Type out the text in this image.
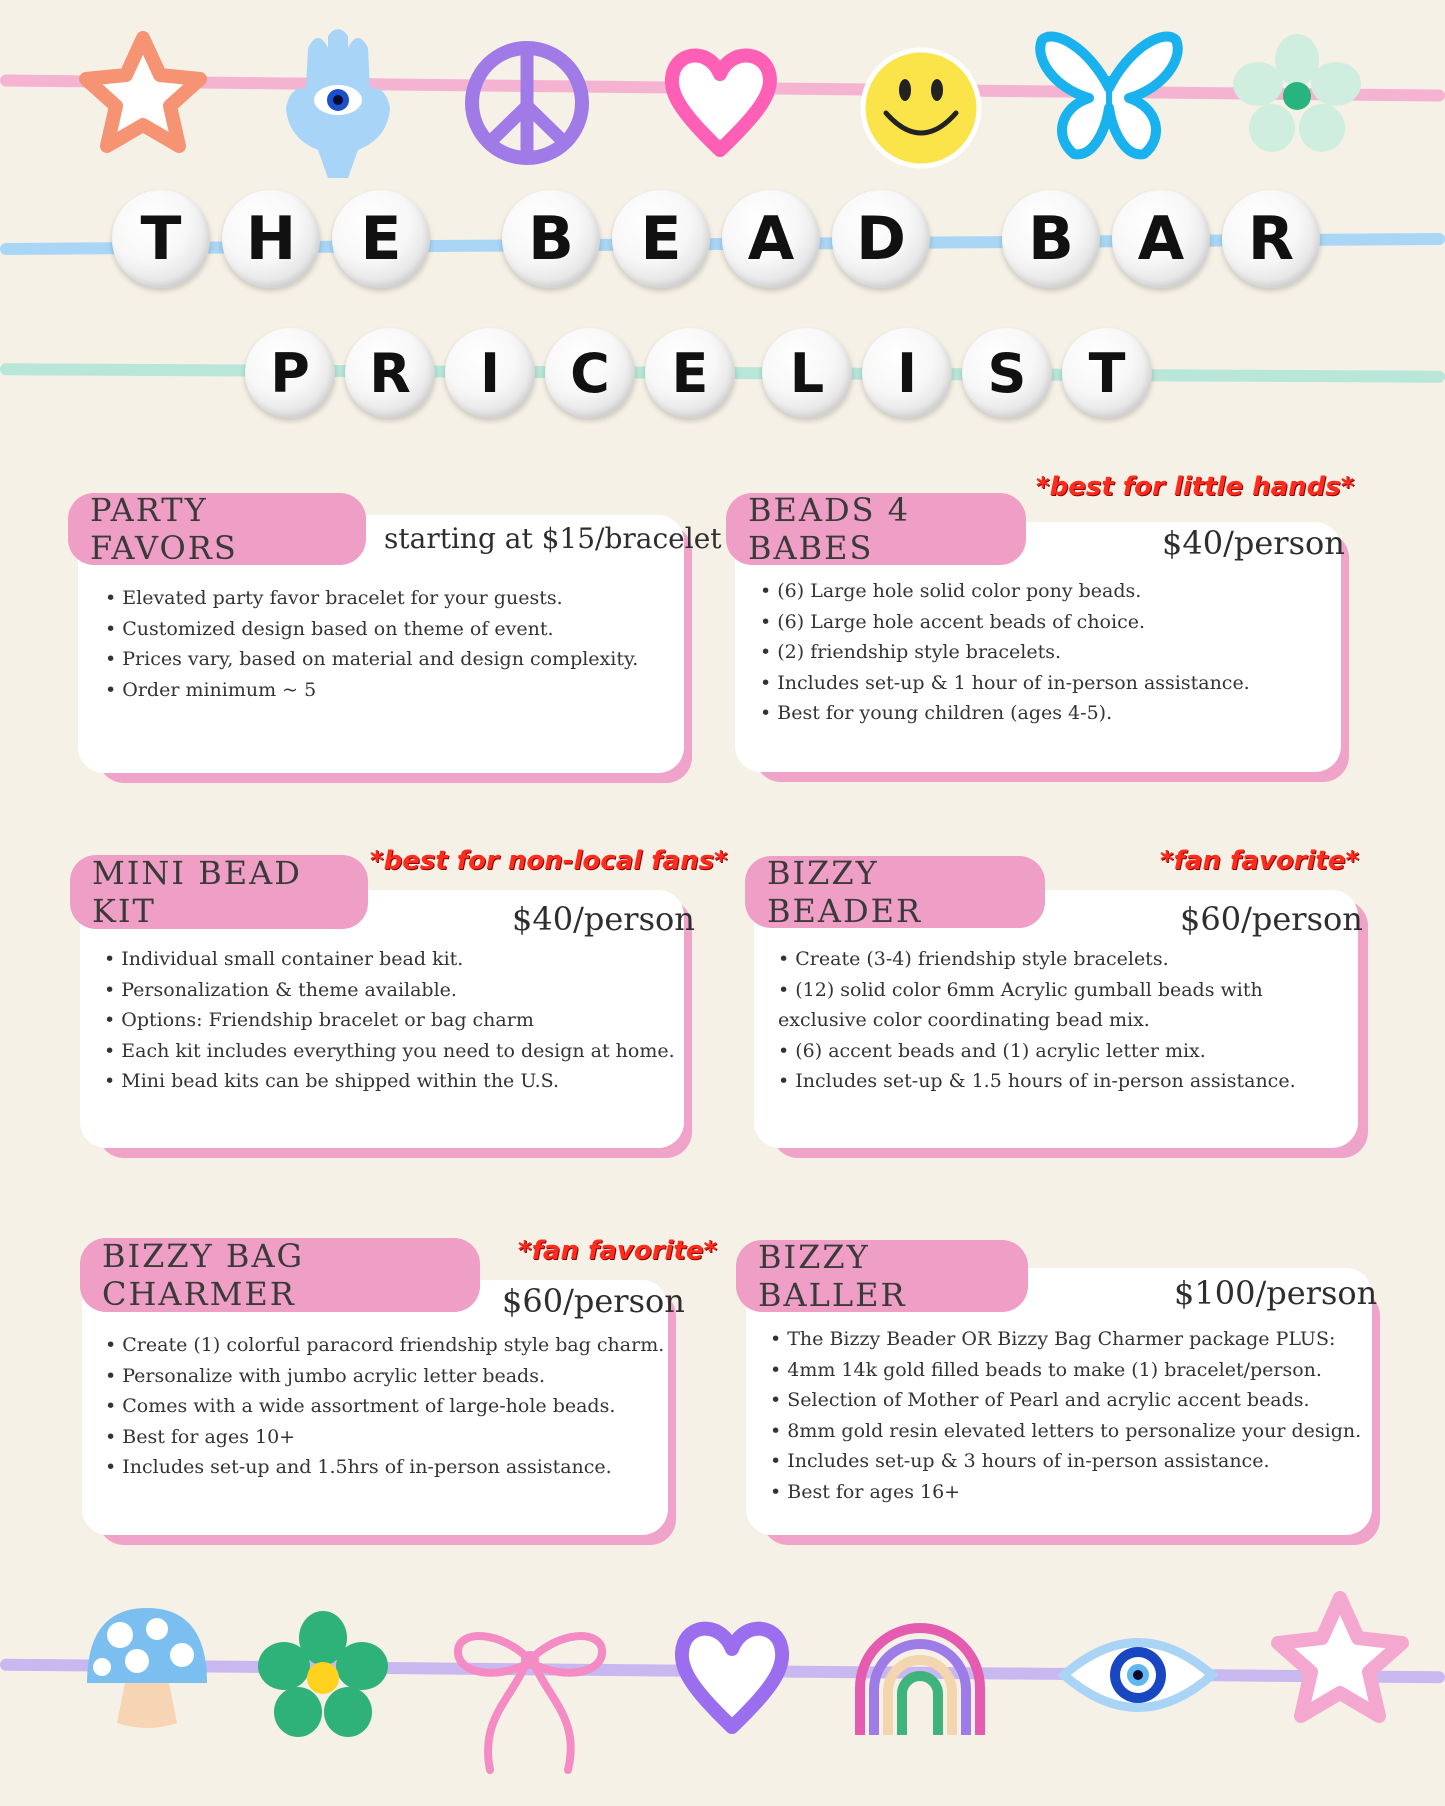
T	H	E	B	E	A	D	B	A	R
P	R	I	C	E	L	I	S	T
PARTY FAVORS	starting at $15/bracelet
• Elevated party favor bracelet for your guests.
• Customized design based on theme of event.
• Prices vary, based on material and design complexity.
• Order minimum ~ 5
*best for little hands*
BEADS 4 BABES	$40/person
• (6) Large hole solid color pony beads.
• (6) Large hole accent beads of choice.
• (2) friendship style bracelets.
• Includes set-up & 1 hour of in-person assistance.
• Best for young children (ages 4-5).
*best for non-local fans*
MINI BEAD KIT	$40/person
• Individual small container bead kit.
• Personalization & theme available.
• Options: Friendship bracelet or bag charm
• Each kit includes everything you need to design at home.
• Mini bead kits can be shipped within the U.S.
*fan favorite*
BIZZY BEADER	$60/person
• Create (3-4) friendship style bracelets.
• (12) solid color 6mm Acrylic gumball beads with exclusive color coordinating bead mix.
• (6) accent beads and (1) acrylic letter mix.
• Includes set-up & 1.5 hours of in-person assistance.
*fan favorite*
BIZZY BAG CHARMER	$60/person
• Create (1) colorful paracord friendship style bag charm.
• Personalize with jumbo acrylic letter beads.
• Comes with a wide assortment of large-hole beads.
• Best for ages 10+
• Includes set-up and 1.5hrs of in-person assistance.
BIZZY BALLER	$100/person
• The Bizzy Beader OR Bizzy Bag Charmer package PLUS:
• 4mm 14k gold filled beads to make (1) bracelet/person.
• Selection of Mother of Pearl and acrylic accent beads.
• 8mm gold resin elevated letters to personalize your design.
• Includes set-up & 3 hours of in-person assistance.
• Best for ages 16+
